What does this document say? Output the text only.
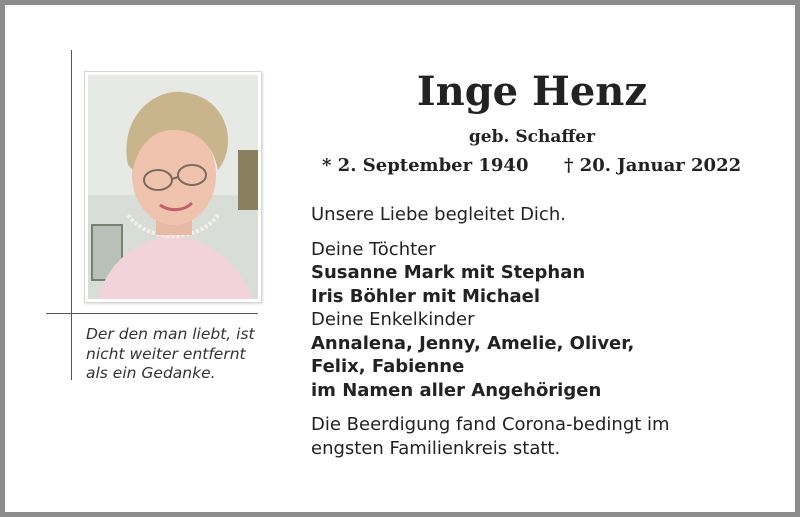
Der den man liebt, ist
nicht weiter entfernt
als ein Gedanke.
Inge Henz
geb. Schaffer
* 2. September 1940 † 20. Januar 2022
Unsere Liebe begleitet Dich.
Deine Töchter
Susanne Mark mit Stephan
Iris Böhler mit Michael
Deine Enkelkinder
Annalena, Jenny, Amelie, Oliver,
Felix, Fabienne
im Namen aller Angehörigen
Die Beerdigung fand Corona-bedingt im
engsten Familienkreis statt.
